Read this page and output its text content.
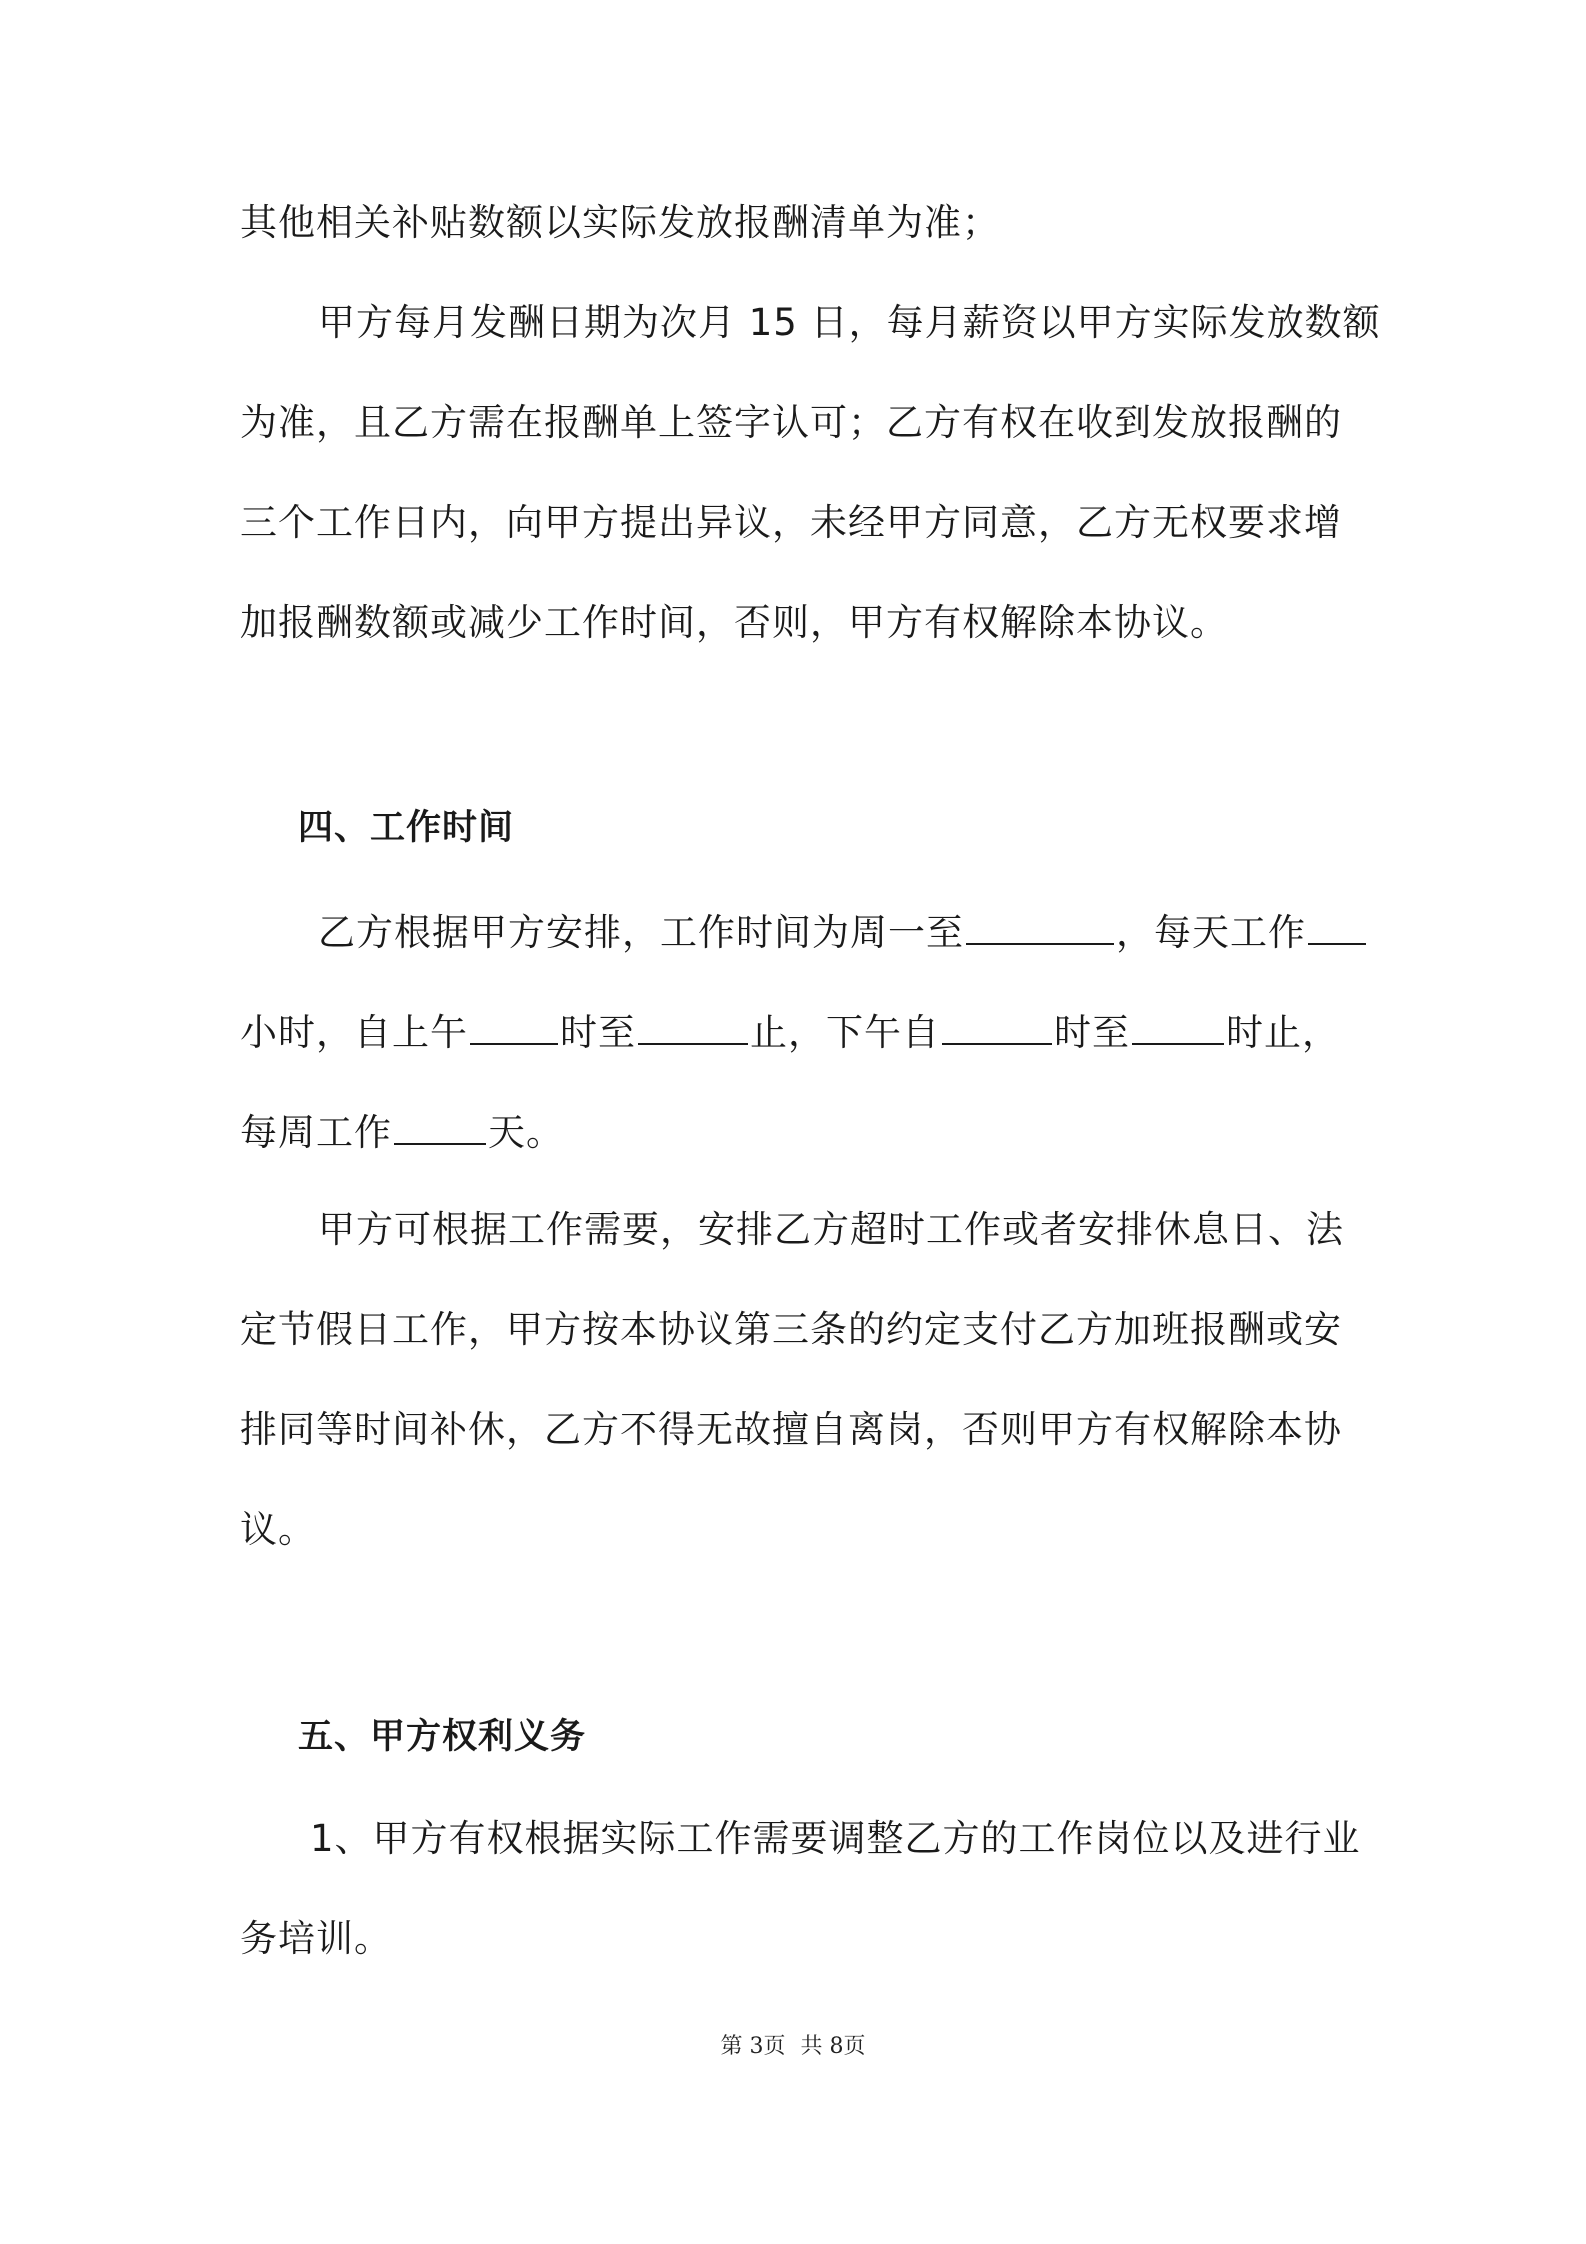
其他相关补贴数额以实际发放报酬清单为准；
甲方每月发酬日期为次月 15 日，每月薪资以甲方实际发放数额
为准，且乙方需在报酬单上签字认可；乙方有权在收到发放报酬的
三个工作日内，向甲方提出异议，未经甲方同意，乙方无权要求增
加报酬数额或减少工作时间，否则，甲方有权解除本协议。
四、工作时间
乙方根据甲方安排，工作时间为周一至	，每天工作
小时，自上午 时至	止，下午自	时至	时止，
每周工作	天。
甲方可根据工作需要，安排乙方超时工作或者安排休息日、法
定节假日工作，甲方按本协议第三条的约定支付乙方加班报酬或安
排同等时间补休，乙方不得无故擅自离岗，否则甲方有权解除本协
议。
五、甲方权利义务
1、甲方有权根据实际工作需要调整乙方的工作岗位以及进行业
务培训。
第 3页 共 8页
